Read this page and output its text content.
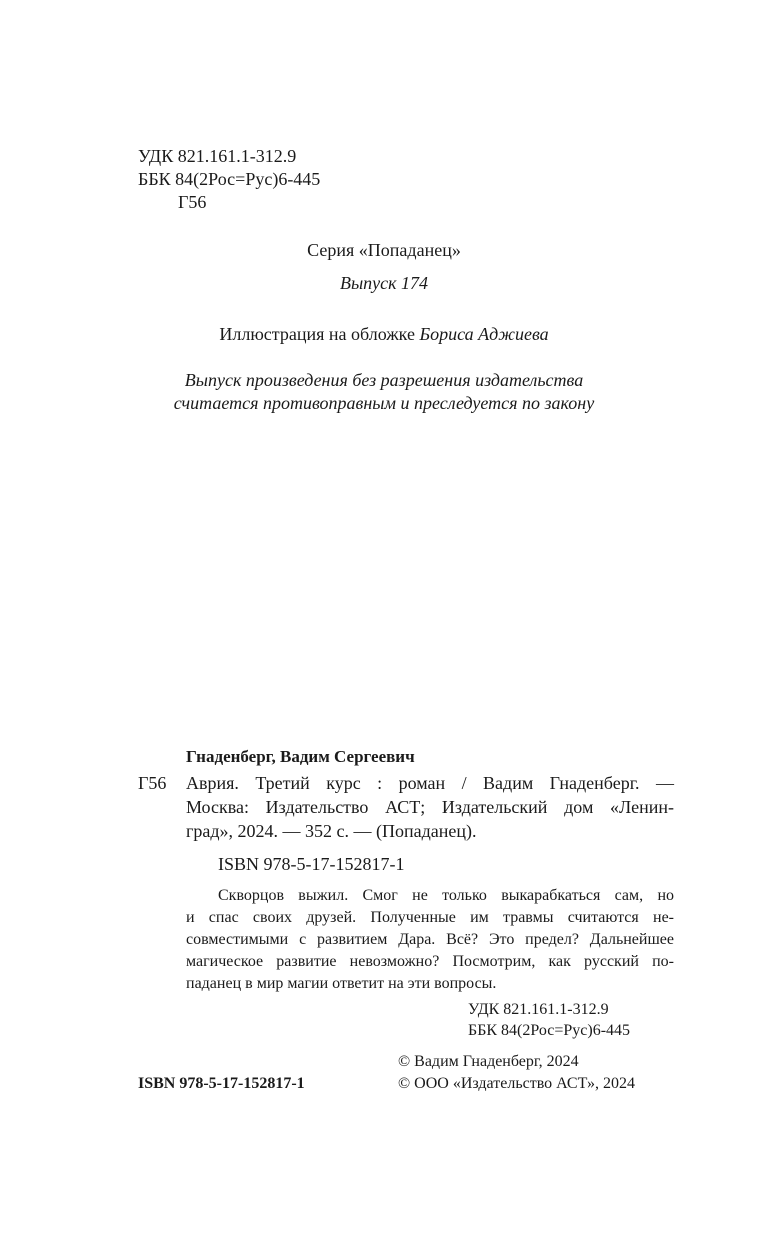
УДК 821.161.1-312.9
ББК 84(2Рос=Рус)6-445
Г56
Серия «Попаданец»
Выпуск 174
Иллюстрация на обложке Бориса Аджиева
Выпуск произведения без разрешения издательства
считается противоправным и преследуется по закону
Гнаденберг, Вадим Сергеевич
Г56 Аврия. Третий курс : роман / Вадим Гнаденберг. —
Москва: Издательство АСТ; Издательский дом «Ленин-
град», 2024. — 352 с. — (Попаданец).
ISBN 978-5-17-152817-1
Скворцов выжил. Смог не только выкарабкаться сам, но
и спас своих друзей. Полученные им травмы считаются не-
совместимыми с развитием Дара. Всё? Это предел? Дальнейшее
магическое развитие невозможно? Посмотрим, как русский по-
паданец в мир магии ответит на эти вопросы.
УДК 821.161.1-312.9
ББК 84(2Рос=Рус)6-445
© Вадим Гнаденберг, 2024
ISBN 978-5-17-152817-1	© ООО «Издательство АСТ», 2024
